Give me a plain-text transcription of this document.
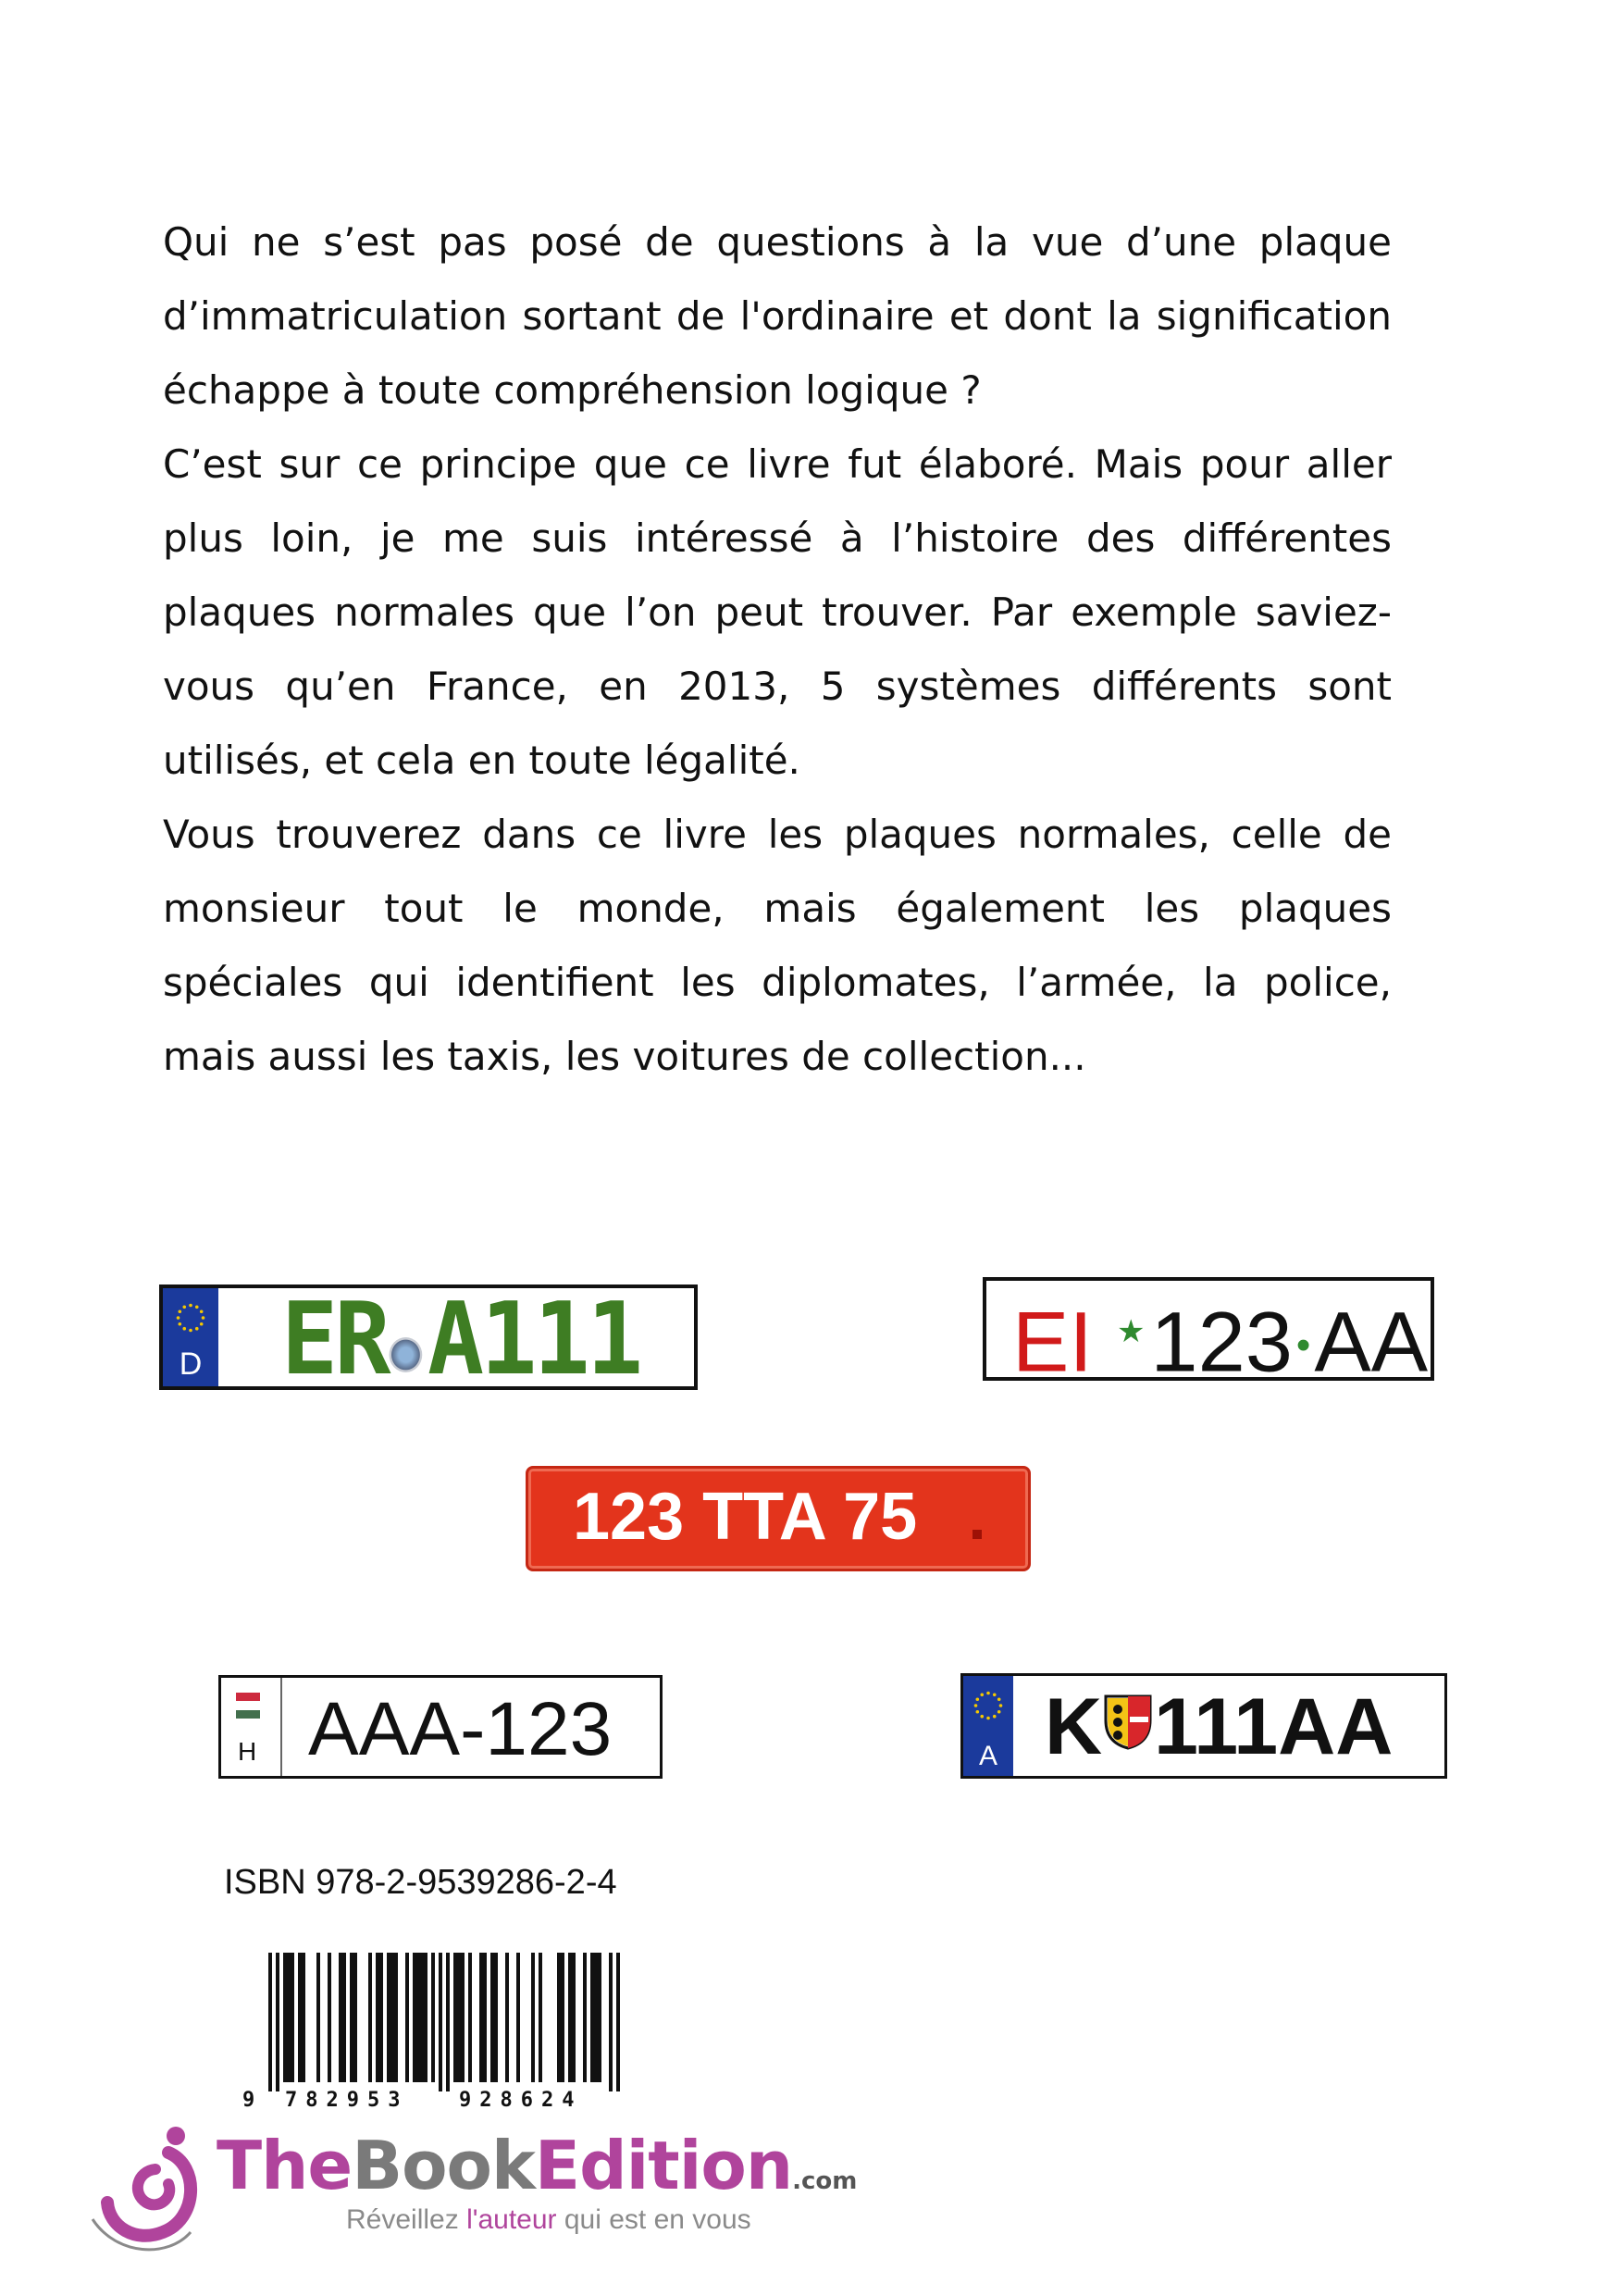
Qui ne s’est pas posé de questions à la vue d’une plaque d’immatriculation sortant de l'ordinaire et dont la signification échappe à toute compréhension logique ?

C’est sur ce principe que ce livre fut élaboré. Mais pour aller plus loin, je me suis intéressé à l’histoire des différentes plaques normales que l’on peut trouver. Par exemple saviez-vous qu’en France, en 2013, 5 systèmes différents sont utilisés, et cela en toute légalité.

Vous trouverez dans ce livre les plaques normales, celle de monsieur tout le monde, mais également les plaques spéciales qui identifient les diplomates, l’armée, la police, mais aussi les taxis, les voitures de collection...

D ER A111	EI ★123•AA
123 TTA 75
H AAA-123	A K 111AA

ISBN 978-2-9539286-2-4

9 782953 928624
TheBookEdition.com
Réveillez l'auteur qui est en vous
